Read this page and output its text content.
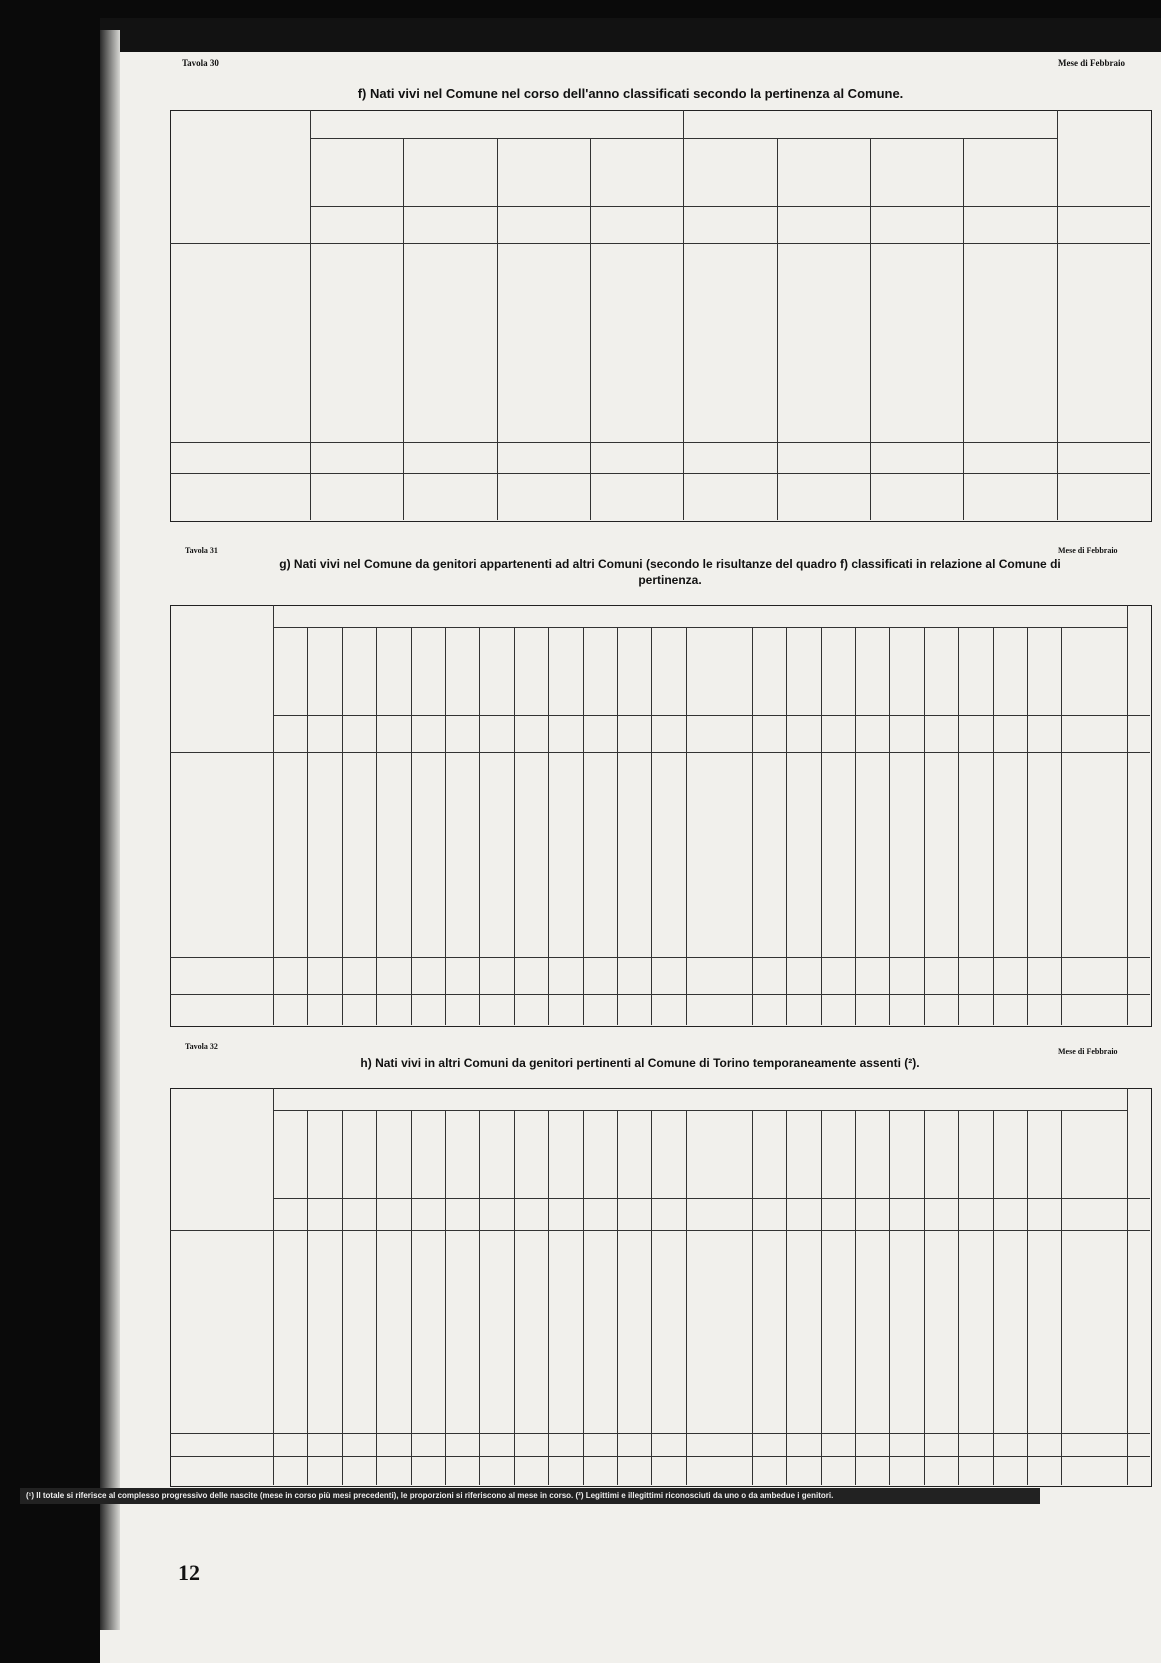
Tavola 30	Mese di Febbraio
f) Nati vivi nel Comune nel corso dell'anno classificati secondo la pertinenza al Comune.
Tavola 31	Mese di Febbraio
g) Nati vivi nel Comune da genitori appartenenti ad altri Comuni (secondo le risultanze del quadro f) classificati in relazione al Comune di pertinenza.
Tavola 32
Mese di Febbraio
h) Nati vivi in altri Comuni da genitori pertinenti al Comune di Torino temporaneamente assenti (²).
(¹) Il totale si riferisce al complesso progressivo delle nascite (mese in corso più mesi precedenti), le proporzioni si riferiscono al mese in corso. (²) Legittimi e illegittimi riconosciuti da uno o da ambedue i genitori.
12
